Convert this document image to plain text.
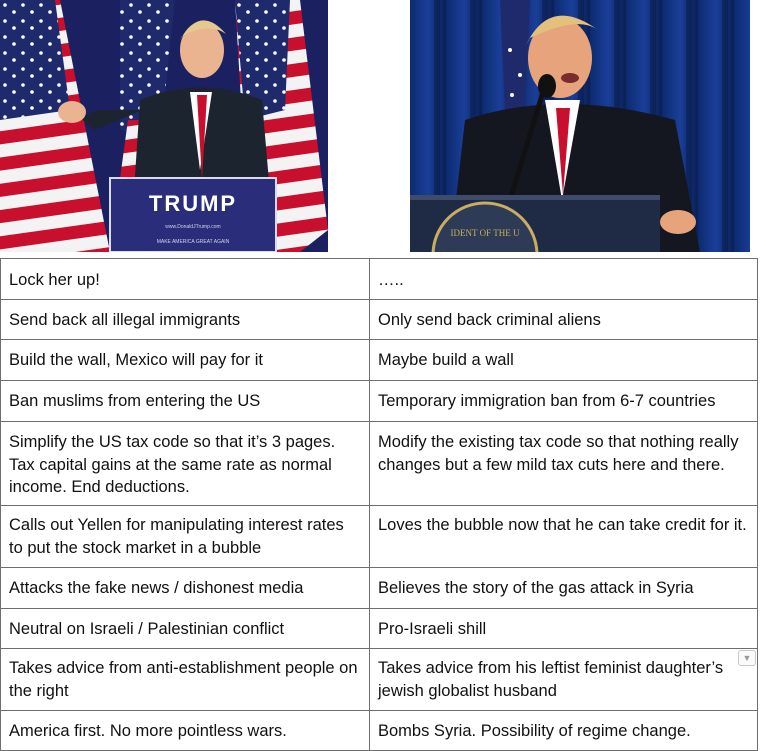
TRUMP
www.DonaldJTrump.com
MAKE AMERICA GREAT AGAIN
IDENT OF THE U
Lock her up!	…..
Send back all illegal immigrants	Only send back criminal aliens
Build the wall, Mexico will pay for it	Maybe build a wall
Ban muslims from entering the US	Temporary immigration ban from 6-7 countries
Simplify the US tax code so that it’s 3 pages. Tax capital gains at the same rate as normal income. End deductions.	Modify the existing tax code so that nothing really changes but a few mild tax cuts here and there.
Calls out Yellen for manipulating interest rates to put the stock market in a bubble	Loves the bubble now that he can take credit for it.
Attacks the fake news / dishonest media	Believes the story of the gas attack in Syria
Neutral on Israeli / Palestinian conflict	Pro-Israeli shill
Takes advice from anti-establishment people on the right	Takes advice from his leftist feminist daughter’s jewish globalist husband
America first. No more pointless wars.	Bombs Syria. Possibility of regime change.
▼
